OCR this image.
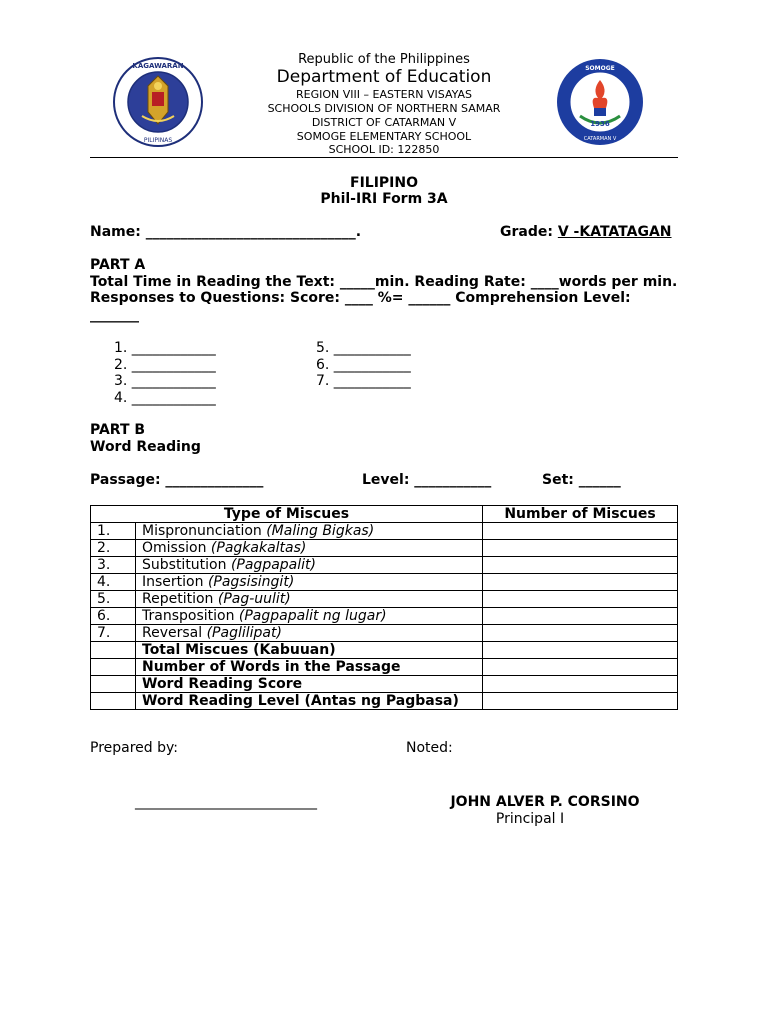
KAGAWARAN
PILIPINAS
1936
SOMOGE
CATARMAN V
Republic of the Philippines
Department of Education
REGION VIII – EASTERN VISAYAS
SCHOOLS DIVISION OF NORTHERN SAMAR
DISTRICT OF CATARMAN V
SOMOGE ELEMENTARY SCHOOL
SCHOOL ID: 122850
FILIPINO
Phil-IRI Form 3A
Name: ______________________________.	Grade: V -KATATAGAN
PART A
Total Time in Reading the Text: _____min. Reading Rate: ____words per min.
Responses to Questions: Score: ____ %= ______ Comprehension Level:
_______
1. ____________
2. ____________
3. ____________
4. ____________
5. ___________
6. ___________
7. ___________
PART B
Word Reading
Passage: ______________	Level: ___________	Set: ______
Type of Miscues		Number of Miscues
1.	Mispronunciation (Maling Bigkas)	
2.	Omission (Pagkakaltas)	
3.	Substitution (Pagpapalit)	
4.	Insertion (Pagsisingit)	
5.	Repetition (Pag-uulit)	
6.	Transposition (Pagpapalit ng lugar)	
7.	Reversal (Paglilipat)	
	Total Miscues (Kabuuan)	
	Number of Words in the Passage	
	Word Reading Score	
	Word Reading Level (Antas ng Pagbasa)	
Prepared by:	Noted:
__________________________	JOHN ALVER P. CORSINO
Principal I
